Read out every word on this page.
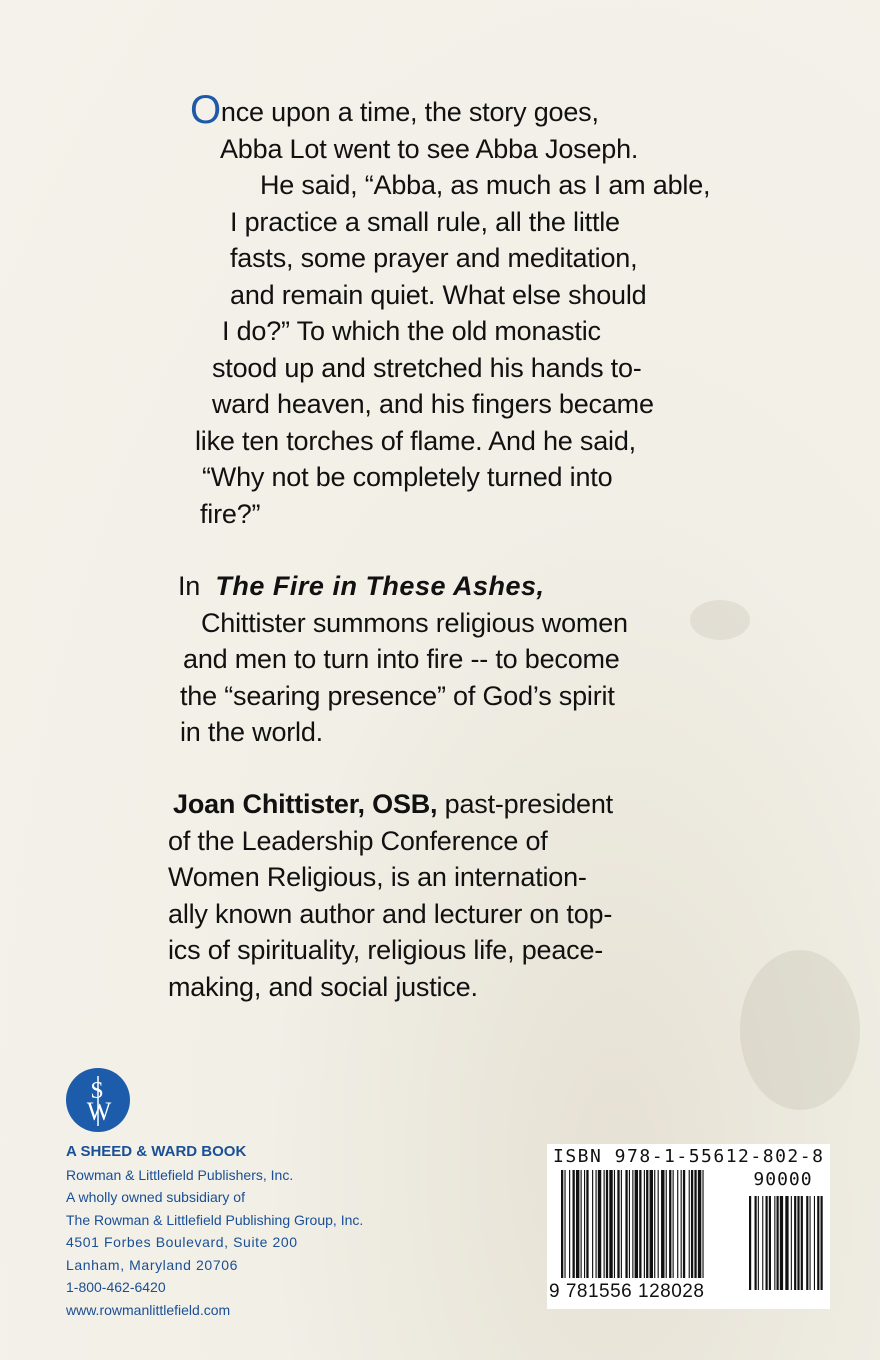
Once upon a time, the story goes,
Abba Lot went to see Abba Joseph.
He said, “Abba, as much as I am able,
I practice a small rule, all the little
fasts, some prayer and meditation,
and remain quiet. What else should
I do?” To which the old monastic
stood up and stretched his hands to-
ward heaven, and his fingers became
like ten torches of flame. And he said,
“Why not be completely turned into
fire?”
In The Fire in These Ashes,
Chittister summons religious women
and men to turn into fire -- to become
the “searing presence” of God’s spirit
in the world.
Joan Chittister, OSB, past-president
of the Leadership Conference of
Women Religious, is an internation-
ally known author and lecturer on top-
ics of spirituality, religious life, peace-
making, and social justice.
S
W
A SHEED & WARD BOOK
Rowman & Littlefield Publishers, Inc.
A wholly owned subsidiary of
The Rowman & Littlefield Publishing Group, Inc.
4501 Forbes Boulevard, Suite 200
Lanham, Maryland 20706
1-800-462-6420
www.rowmanlittlefield.com
ISBN 978-1-55612-802-8
90000
9 781556 128028
